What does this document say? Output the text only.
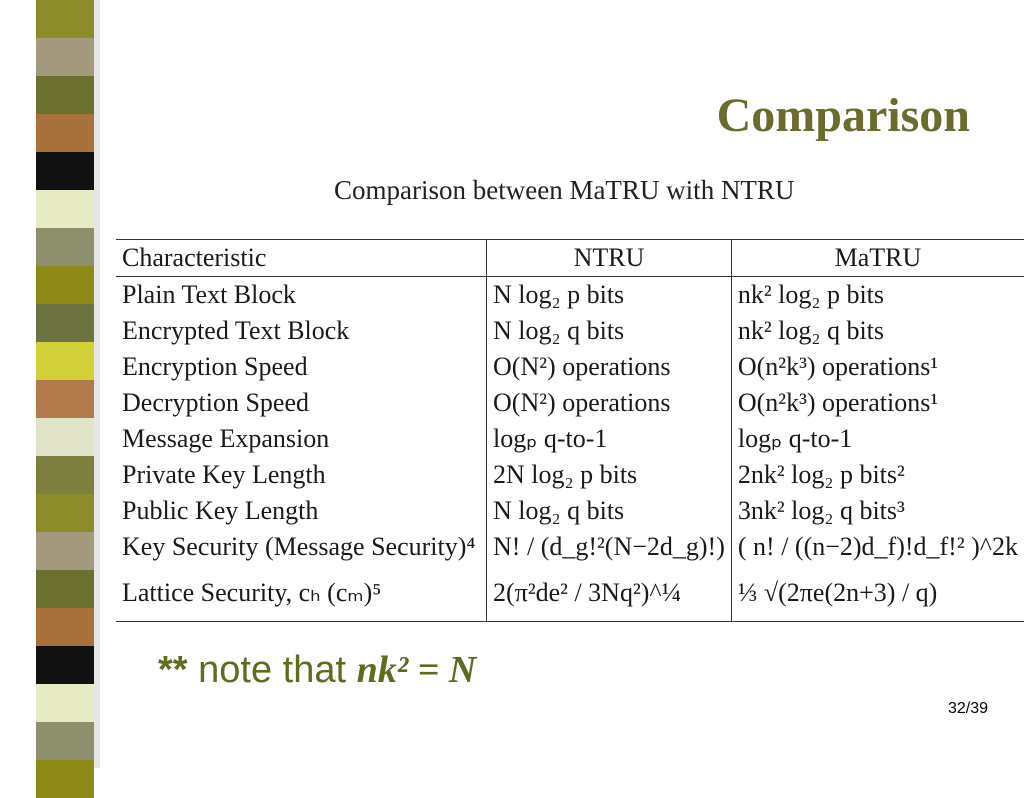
Comparison
Comparison between MaTRU with NTRU
Characteristic	NTRU	MaTRU
Plain Text Block	N log₂ p bits	nk² log₂ p bits
Encrypted Text Block	N log₂ q bits	nk² log₂ q bits
Encryption Speed	O(N²) operations	O(n²k³) operations¹
Decryption Speed	O(N²) operations	O(n²k³) operations¹
Message Expansion	logₚ q-to-1	logₚ q-to-1
Private Key Length	2N log₂ p bits	2nk² log₂ p bits²
Public Key Length	N log₂ q bits	3nk² log₂ q bits³
Key Security (Message Security)⁴	N! / (d_g!²(N−2d_g)!)	( n! / ((n−2)d_f)!d_f!² )^2k
Lattice Security, cₕ (cₘ)⁵	2(π²de² / 3Nq²)^¼	⅓ √(2πe(2n+3) / q)
** note that nk² = N
32/39
